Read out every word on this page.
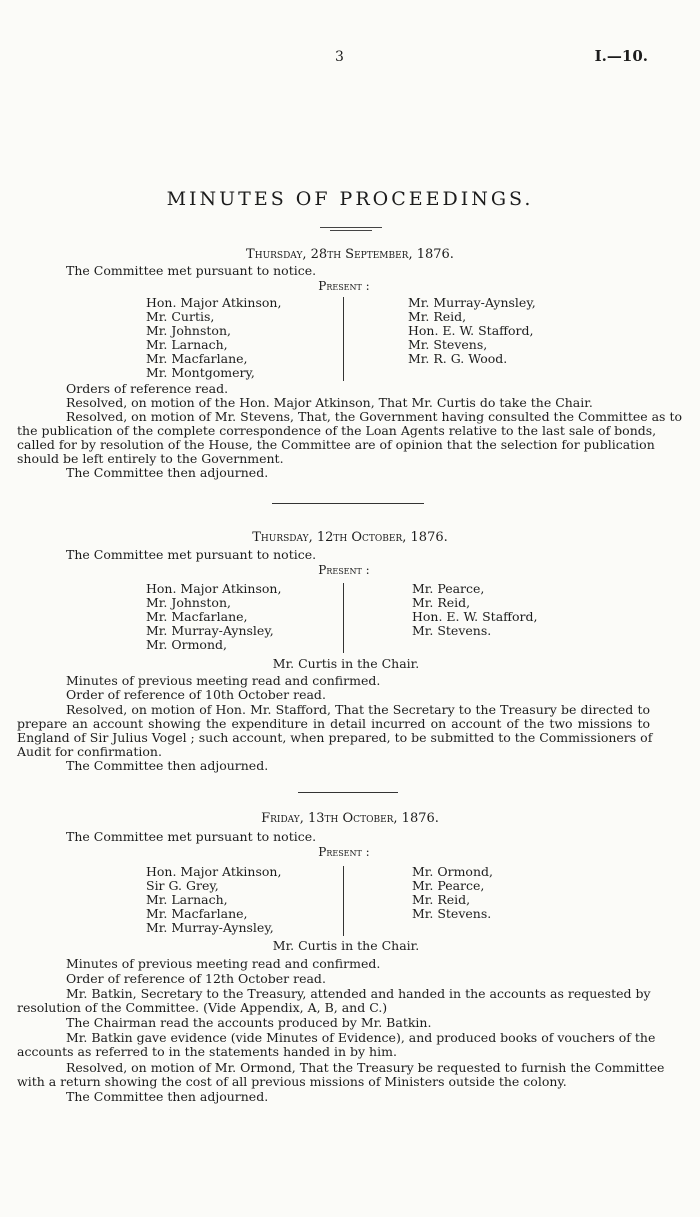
3	I.—10.
MINUTES OF PROCEEDINGS.
Thursday, 28th September, 1876.
The Committee met pursuant to notice.
Present :
Hon. Major Atkinson,
Mr. Curtis,
Mr. Johnston,
Mr. Larnach,
Mr. Macfarlane,
Mr. Montgomery,
Mr. Murray-Aynsley,
Mr. Reid,
Hon. E. W. Stafford,
Mr. Stevens,
Mr. R. G. Wood.
Orders of reference read.
Resolved, on motion of the Hon. Major Atkinson, That Mr. Curtis do take the Chair.
Resolved, on motion of Mr. Stevens, That, the Government having consulted the Committee as to
the publication of the complete correspondence of the Loan Agents relative to the last sale of bonds,
called for by resolution of the House, the Committee are of opinion that the selection for publication
should be left entirely to the Government.
The Committee then adjourned.
Thursday, 12th October, 1876.
The Committee met pursuant to notice.
Present :
Hon. Major Atkinson,
Mr. Johnston,
Mr. Macfarlane,
Mr. Murray-Aynsley,
Mr. Ormond,
Mr. Pearce,
Mr. Reid,
Hon. E. W. Stafford,
Mr. Stevens.
Mr. Curtis in the Chair.
Minutes of previous meeting read and confirmed.
Order of reference of 10th October read.
Resolved, on motion of Hon. Mr. Stafford, That the Secretary to the Treasury be directed to
prepare an account showing the expenditure in detail incurred on account of the two missions to
England of Sir Julius Vogel ; such account, when prepared, to be submitted to the Commissioners of
Audit for confirmation.
The Committee then adjourned.
Friday, 13th October, 1876.
The Committee met pursuant to notice.
Present :
Hon. Major Atkinson,
Sir G. Grey,
Mr. Larnach,
Mr. Macfarlane,
Mr. Murray-Aynsley,
Mr. Ormond,
Mr. Pearce,
Mr. Reid,
Mr. Stevens.
Mr. Curtis in the Chair.
Minutes of previous meeting read and confirmed.
Order of reference of 12th October read.
Mr. Batkin, Secretary to the Treasury, attended and handed in the accounts as requested by
resolution of the Committee. (Vide Appendix, A, B, and C.)
The Chairman read the accounts produced by Mr. Batkin.
Mr. Batkin gave evidence (vide Minutes of Evidence), and produced books of vouchers of the
accounts as referred to in the statements handed in by him.
Resolved, on motion of Mr. Ormond, That the Treasury be requested to furnish the Committee
with a return showing the cost of all previous missions of Ministers outside the colony.
The Committee then adjourned.
